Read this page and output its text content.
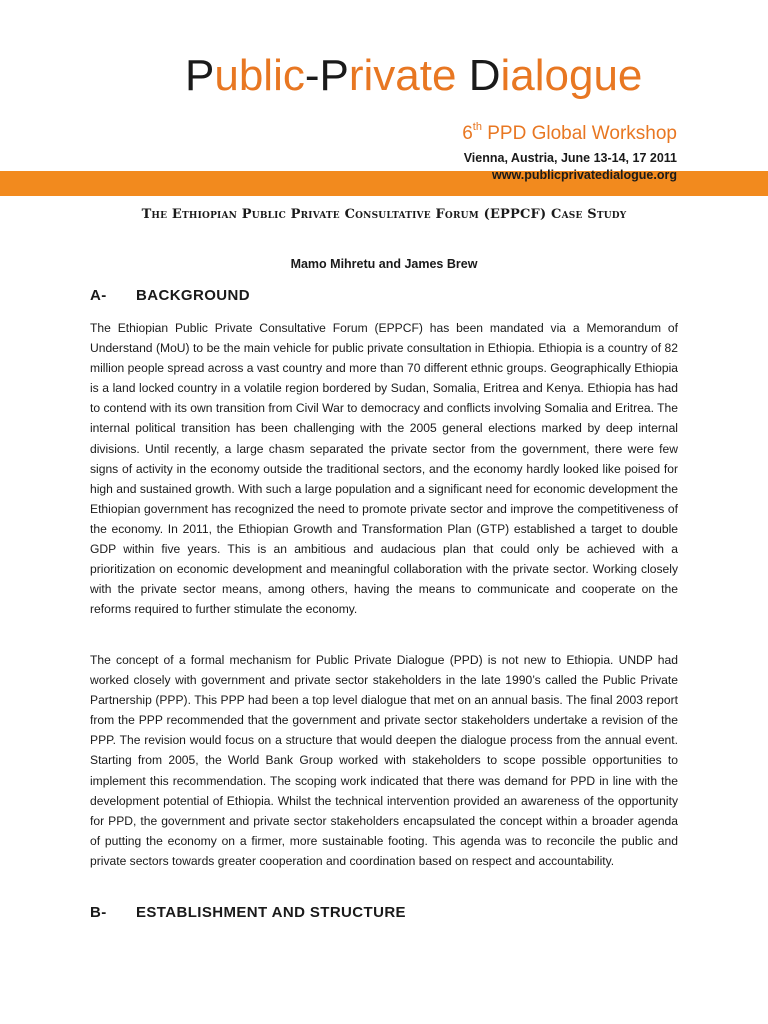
Public-Private Dialogue
6th PPD Global Workshop
Vienna, Austria, June 13-14, 17 2011
www.publicprivatedialogue.org
The Ethiopian Public Private Consultative Forum (EPPCF) Case Study
Mamo Mihretu and James Brew
A- BACKGROUND

The Ethiopian Public Private Consultative Forum (EPPCF) has been mandated via a Memorandum of Understand (MoU) to be the main vehicle for public private consultation in Ethiopia. Ethiopia is a country of 82 million people spread across a vast country and more than 70 different ethnic groups. Geographically Ethiopia is a land locked country in a volatile region bordered by Sudan, Somalia, Eritrea and Kenya. Ethiopia has had to contend with its own transition from Civil War to democracy and conflicts involving Somalia and Eritrea. The internal political transition has been challenging with the 2005 general elections marked by deep internal divisions. Until recently, a large chasm separated the private sector from the government, there were few signs of activity in the economy outside the traditional sectors, and the economy hardly looked like poised for high and sustained growth. With such a large population and a significant need for economic development the Ethiopian government has recognized the need to promote private sector and improve the competitiveness of the economy. In 2011, the Ethiopian Growth and Transformation Plan (GTP) established a target to double GDP within five years. This is an ambitious and audacious plan that could only be achieved with a prioritization on economic development and meaningful collaboration with the private sector. Working closely with the private sector means, among others, having the means to communicate and cooperate on the reforms required to further stimulate the economy.

The concept of a formal mechanism for Public Private Dialogue (PPD) is not new to Ethiopia. UNDP had worked closely with government and private sector stakeholders in the late 1990’s called the Public Private Partnership (PPP). This PPP had been a top level dialogue that met on an annual basis. The final 2003 report from the PPP recommended that the government and private sector stakeholders undertake a revision of the PPP. The revision would focus on a structure that would deepen the dialogue process from the annual event. Starting from 2005, the World Bank Group worked with stakeholders to scope possible opportunities to implement this recommendation. The scoping work indicated that there was demand for PPD in line with the development potential of Ethiopia. Whilst the technical intervention provided an awareness of the opportunity for PPD, the government and private sector stakeholders encapsulated the concept within a broader agenda of putting the economy on a firmer, more sustainable footing. This agenda was to reconcile the public and private sectors towards greater cooperation and coordination based on respect and accountability.

B- ESTABLISHMENT AND STRUCTURE
